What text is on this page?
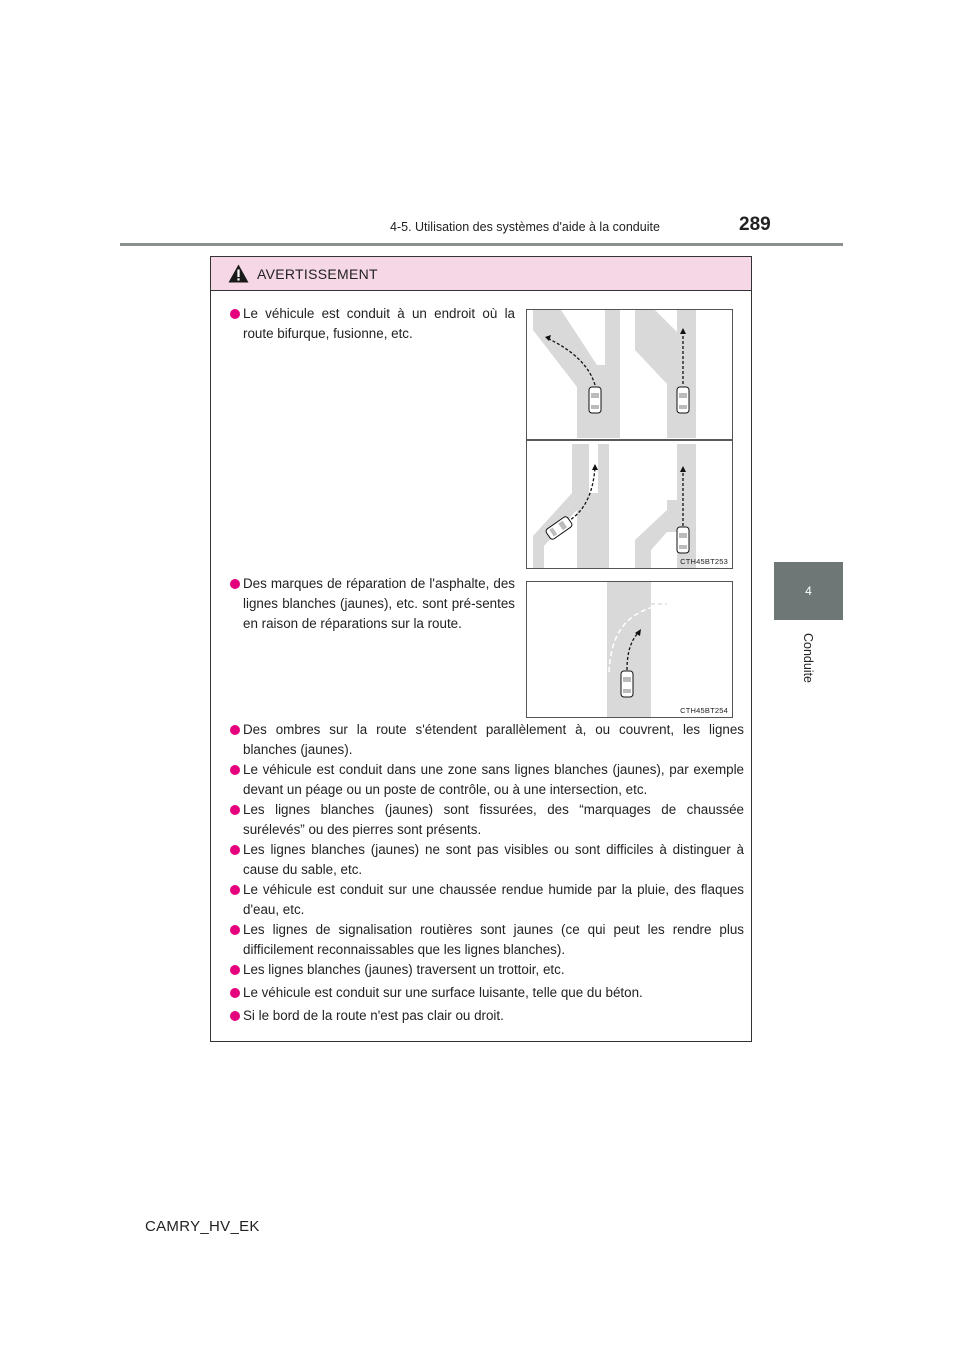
4-5. Utilisation des systèmes d'aide à la conduite	289
4
Conduite
AVERTISSEMENT
Le véhicule est conduit à un endroit où la route bifurque, fusionne, etc.
Des marques de réparation de l'asphalte, des lignes blanches (jaunes), etc. sont pré-sentes en raison de réparations sur la route.
CTH45BT253
CTH45BT254
Des ombres sur la route s'étendent parallèlement à, ou couvrent, les lignes blanches (jaunes).
Le véhicule est conduit dans une zone sans lignes blanches (jaunes), par exemple devant un péage ou un poste de contrôle, ou à une intersection, etc.
Les lignes blanches (jaunes) sont fissurées, des “marquages de chaussée surélevés” ou des pierres sont présents.
Les lignes blanches (jaunes) ne sont pas visibles ou sont difficiles à distinguer à cause du sable, etc.
Le véhicule est conduit sur une chaussée rendue humide par la pluie, des flaques d'eau, etc.
Les lignes de signalisation routières sont jaunes (ce qui peut les rendre plus difficilement reconnaissables que les lignes blanches).
Les lignes blanches (jaunes) traversent un trottoir, etc.
Le véhicule est conduit sur une surface luisante, telle que du béton.
Si le bord de la route n'est pas clair ou droit.
CAMRY_HV_EK
